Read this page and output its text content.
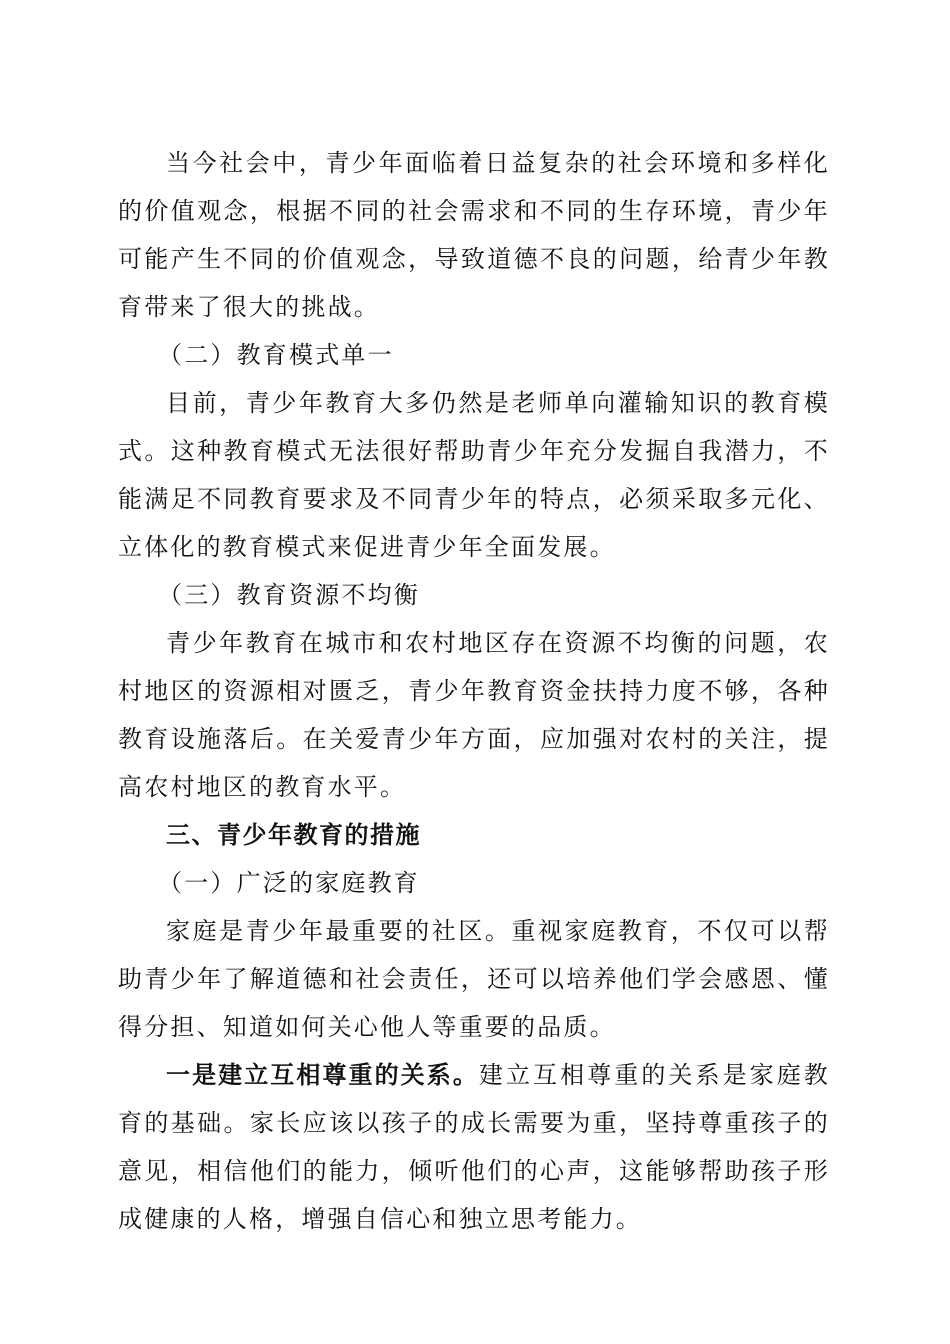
当今社会中，青少年面临着日益复杂的社会环境和多样化的价值观念，根据不同的社会需求和不同的生存环境，青少年可能产生不同的价值观念，导致道德不良的问题，给青少年教育带来了很大的挑战。

（二）教育模式单一

目前，青少年教育大多仍然是老师单向灌输知识的教育模式。这种教育模式无法很好帮助青少年充分发掘自我潜力，不能满足不同教育要求及不同青少年的特点，必须采取多元化、立体化的教育模式来促进青少年全面发展。

（三）教育资源不均衡

青少年教育在城市和农村地区存在资源不均衡的问题，农村地区的资源相对匮乏，青少年教育资金扶持力度不够，各种教育设施落后。在关爱青少年方面，应加强对农村的关注，提高农村地区的教育水平。

三、青少年教育的措施

（一）广泛的家庭教育

家庭是青少年最重要的社区。重视家庭教育，不仅可以帮助青少年了解道德和社会责任，还可以培养他们学会感恩、懂得分担、知道如何关心他人等重要的品质。

一是建立互相尊重的关系。建立互相尊重的关系是家庭教育的基础。家长应该以孩子的成长需要为重，坚持尊重孩子的意见，相信他们的能力，倾听他们的心声，这能够帮助孩子形成健康的人格，增强自信心和独立思考能力。
